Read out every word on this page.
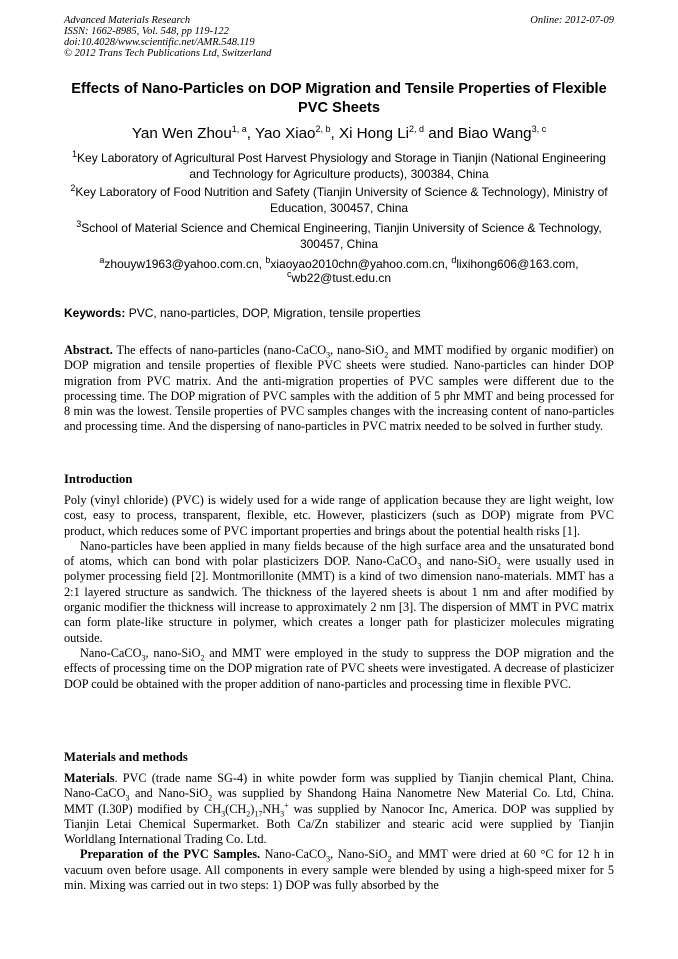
Advanced Materials Research
ISSN: 1662-8985, Vol. 548, pp 119-122
doi:10.4028/www.scientific.net/AMR.548.119
© 2012 Trans Tech Publications Ltd, Switzerland
Online: 2012-07-09
Effects of Nano-Particles on DOP Migration and Tensile Properties of Flexible PVC Sheets
Yan Wen Zhou$^{1, a}$, Yao Xiao$^{2, b}$, Xi Hong Li$^{2, d}$ and Biao Wang$^{3, c}$
$^1$Key Laboratory of Agricultural Post Harvest Physiology and Storage in Tianjin (National Engineering and Technology for Agriculture products), 300384, China
$^2$Key Laboratory of Food Nutrition and Safety (Tianjin University of Science & Technology), Ministry of Education, 300457, China
$^3$School of Material Science and Chemical Engineering, Tianjin University of Science & Technology, 300457, China
$^a$zhouyw1963@yahoo.com.cn, $^b$xiaoyao2010chn@yahoo.com.cn, $^d$lixihong606@163.com,
$^c$wb22@tust.edu.cn
Keywords: PVC, nano-particles, DOP, Migration, tensile properties
Abstract. The effects of nano-particles (nano-CaCO$_3$, nano-SiO$_2$ and MMT modified by organic modifier) on DOP migration and tensile properties of flexible PVC sheets were studied. Nano-particles can hinder DOP migration from PVC matrix. And the anti-migration properties of PVC samples were different due to the processing time. The DOP migration of PVC samples with the addition of 5 phr MMT and being processed for 8 min was the lowest. Tensile properties of PVC samples changes with the increasing content of nano-particles and processing time. And the dispersing of nano-particles in PVC matrix needed to be solved in further study.
Introduction
Poly (vinyl chloride) (PVC) is widely used for a wide range of application because they are light weight, low cost, easy to process, transparent, flexible, etc. However, plasticizers (such as DOP) migrate from PVC product, which reduces some of PVC important properties and brings about the potential health risks [1].
Nano-particles have been applied in many fields because of the high surface area and the unsaturated bond of atoms, which can bond with polar plasticizers DOP. Nano-CaCO$_3$ and nano-SiO$_2$ were usually used in polymer processing field [2]. Montmorillonite (MMT) is a kind of two dimension nano-materials. MMT has a 2:1 layered structure as sandwich. The thickness of the layered sheets is about 1 nm and after modified by organic modifier the thickness will increase to approximately 2 nm [3]. The dispersion of MMT in PVC matrix can form plate-like structure in polymer, which creates a longer path for plasticizer molecules migrating outside.
Nano-CaCO$_3$, nano-SiO$_2$ and MMT were employed in the study to suppress the DOP migration and the effects of processing time on the DOP migration rate of PVC sheets were investigated. A decrease of plasticizer DOP could be obtained with the proper addition of nano-particles and processing time in flexible PVC.
Materials and methods
Materials. PVC (trade name SG-4) in white powder form was supplied by Tianjin chemical Plant, China. Nano-CaCO$_3$ and Nano-SiO$_2$ was supplied by Shandong Haina Nanometre New Material Co. Ltd, China. MMT (I.30P) modified by $CH_3(CH_2)_{17}NH_3^+$ was supplied by Nanocor Inc, America. DOP was supplied by Tianjin Letai Chemical Supermarket. Both Ca/Zn stabilizer and stearic acid were supplied by Tianjin Worldlang International Trading Co. Ltd.
Preparation of the PVC Samples. Nano-CaCO$_3$, Nano-SiO$_2$ and MMT were dried at 60 °C for 12 h in vacuum oven before usage. All components in every sample were blended by using a high-speed mixer for 5 min. Mixing was carried out in two steps: 1) DOP was fully absorbed by the
